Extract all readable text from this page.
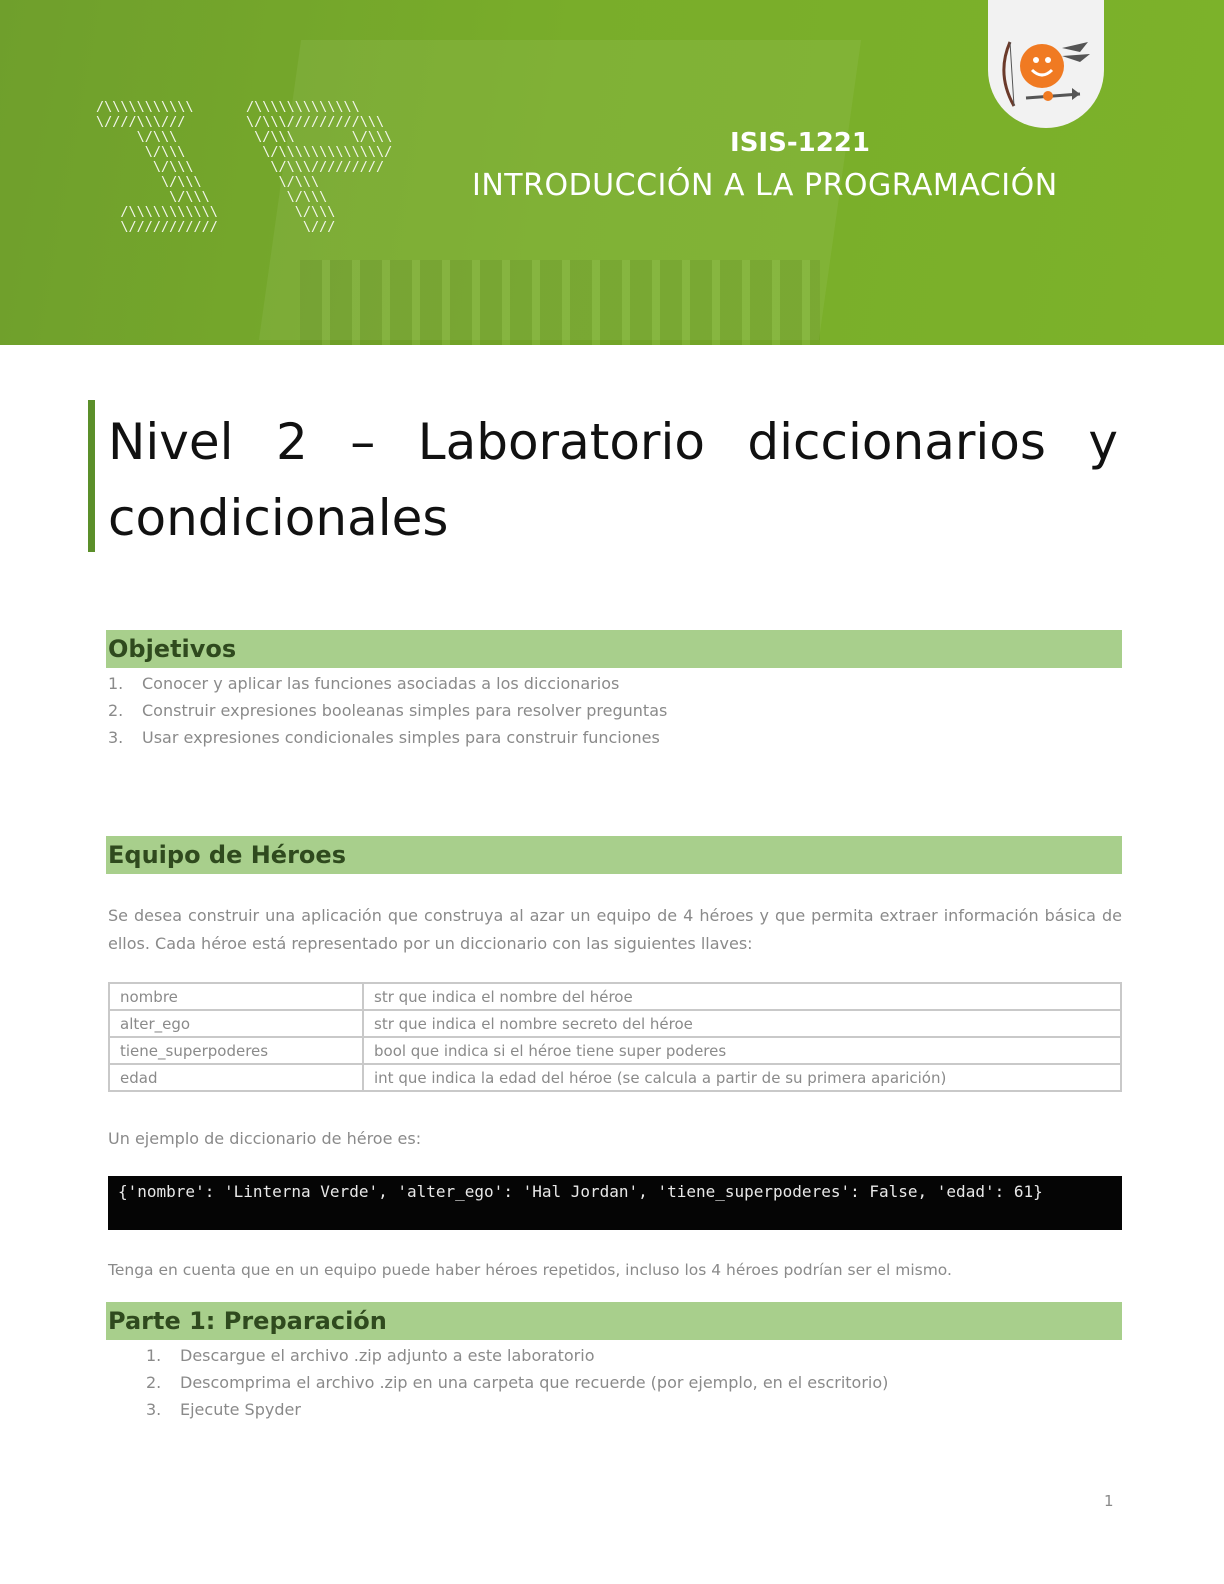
/\\\\\\\\\\\
\////\\\///
\/\\\
\/\\\
\/\\\
\/\\\
\/\\\
/\\\\\\\\\\\
\///////////
/\\\\\\\\\\\\\
\/\\\/////////\\\
\/\\\       \/\\\
\/\\\\\\\\\\\\\/
\/\\\/////////
\/\\\
\/\\\
\/\\\
\///
ISIS-1221
INTRODUCCIÓN A LA PROGRAMACIÓN
Nivel 2 – Laboratorio diccionarios y condicionales
Objetivos
1. Conocer y aplicar las funciones asociadas a los diccionarios
2. Construir expresiones booleanas simples para resolver preguntas
3. Usar expresiones condicionales simples para construir funciones
Equipo de Héroes

Se desea construir una aplicación que construya al azar un equipo de 4 héroes y que permita extraer información básica de ellos. Cada héroe está representado por un diccionario con las siguientes llaves:

nombre	str que indica el nombre del héroe
alter_ego	str que indica el nombre secreto del héroe
tiene_superpoderes	bool que indica si el héroe tiene super poderes
edad	int que indica la edad del héroe (se calcula a partir de su primera aparición)

Un ejemplo de diccionario de héroe es:

{'nombre': 'Linterna Verde', 'alter_ego': 'Hal Jordan', 'tiene_superpoderes': False, 'edad': 61}

Tenga en cuenta que en un equipo puede haber héroes repetidos, incluso los 4 héroes podrían ser el mismo.

Parte 1: Preparación
1. Descargue el archivo .zip adjunto a este laboratorio
2. Descomprima el archivo .zip en una carpeta que recuerde (por ejemplo, en el escritorio)
3. Ejecute Spyder
1
